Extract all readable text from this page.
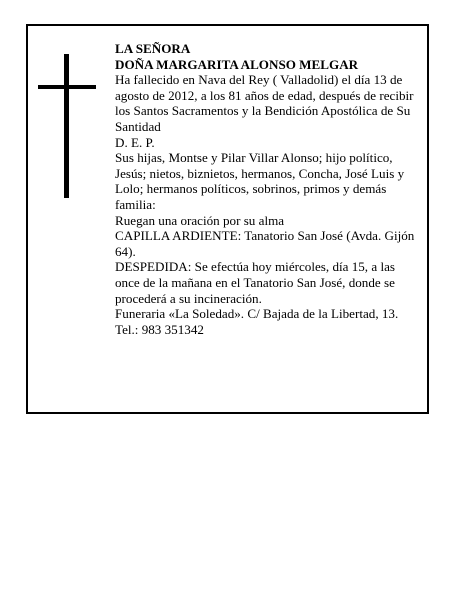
LA SEÑORA

DOÑA MARGARITA ALONSO MELGAR

Ha fallecido en Nava del Rey ( Valladolid) el día 13 de agosto de 2012, a los 81 años de edad, después de recibir los Santos Sacramentos y la Bendición Apostólica de Su Santidad

D. E. P.

Sus hijas, Montse y Pilar Villar Alonso; hijo político, Jesús; nietos, biznietos, hermanos, Concha, José Luis y Lolo; hermanos políticos, sobrinos, primos y demás familia:

Ruegan una oración por su alma

CAPILLA ARDIENTE: Tanatorio San José (Avda. Gijón 64).

DESPEDIDA: Se efectúa hoy miércoles, día 15, a las once de la mañana en el Tanatorio San José, donde se procederá a su incineración.

Funeraria «La Soledad». C/ Bajada de la Libertad, 13. Tel.: 983 351342
